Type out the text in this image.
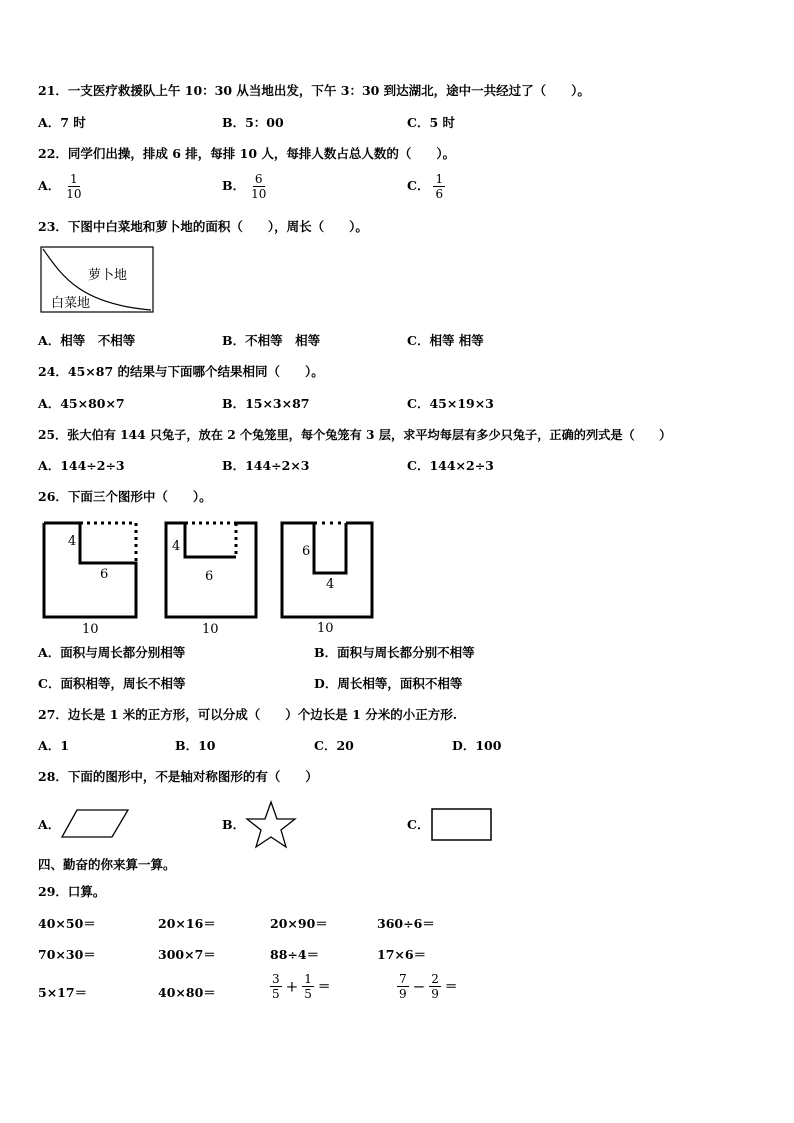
21．一支医疗救援队上午 10：30 从当地出发，下午 3：30 到达湖北，途中一共经过了（　　）。
A．7 时	B．5：00	C．5 时
22．同学们出操，排成 6 排，每排 10 人，每排人数占总人数的（　　）。
A． $\frac{1}{10}$	B． $\frac{6}{10}$	C． $\frac{1}{6}$
23．下图中白菜地和萝卜地的面积（　　），周长（　　）。
萝卜地
白菜地
A．相等　不相等	B．不相等　相等	C．相等 相等
24．45×87 的结果与下面哪个结果相同（　　）。
A．45×80×7	B．15×3×87	C．45×19×3
25．张大伯有 144 只兔子，放在 2 个兔笼里，每个兔笼有 3 层，求平均每层有多少只兔子，正确的列式是（　　）
A．144÷2÷3	B．144÷2×3	C．144×2÷3
26．下面三个图形中（　　）。
4
6
10
4
6
10
6
4
10
A．面积与周长都分别相等	B．面积与周长都分别不相等
C．面积相等，周长不相等	D．周长相等，面积不相等
27．边长是 1 米的正方形，可以分成（　　）个边长是 1 分米的小正方形.
A．1	B．10	C．20	D．100
28．下面的图形中，不是轴对称图形的有（　　）
A．	B．	C．
四、勤奋的你来算一算。
29．口算。
40×50＝	20×16＝	20×90＝	360÷6＝
70×30＝	300×7＝	88÷4＝	17×6＝
5×17＝	40×80＝	$\frac{3}{5} + \frac{1}{5}$ ＝	$\frac{7}{9} - \frac{2}{9}$ ＝
